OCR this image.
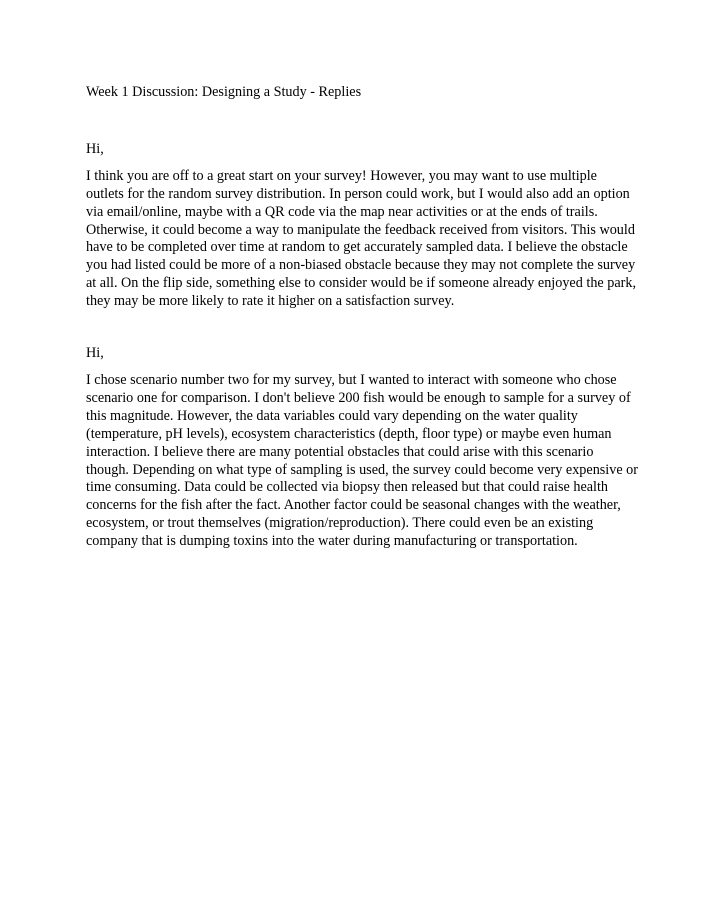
Week 1 Discussion: Designing a Study - Replies

Hi,

I think you are off to a great start on your survey! However, you may want to use multiple outlets for the random survey distribution. In person could work, but I would also add an option via email/online, maybe with a QR code via the map near activities or at the ends of trails. Otherwise, it could become a way to manipulate the feedback received from visitors. This would have to be completed over time at random to get accurately sampled data. I believe the obstacle you had listed could be more of a non-biased obstacle because they may not complete the survey at all. On the flip side, something else to consider would be if someone already enjoyed the park, they may be more likely to rate it higher on a satisfaction survey.

Hi,

I chose scenario number two for my survey, but I wanted to interact with someone who chose scenario one for comparison. I don't believe 200 fish would be enough to sample for a survey of this magnitude. However, the data variables could vary depending on the water quality (temperature, pH levels), ecosystem characteristics (depth, floor type) or maybe even human interaction. I believe there are many potential obstacles that could arise with this scenario though. Depending on what type of sampling is used, the survey could become very expensive or time consuming. Data could be collected via biopsy then released but that could raise health concerns for the fish after the fact. Another factor could be seasonal changes with the weather, ecosystem, or trout themselves (migration/reproduction). There could even be an existing company that is dumping toxins into the water during manufacturing or transportation.
